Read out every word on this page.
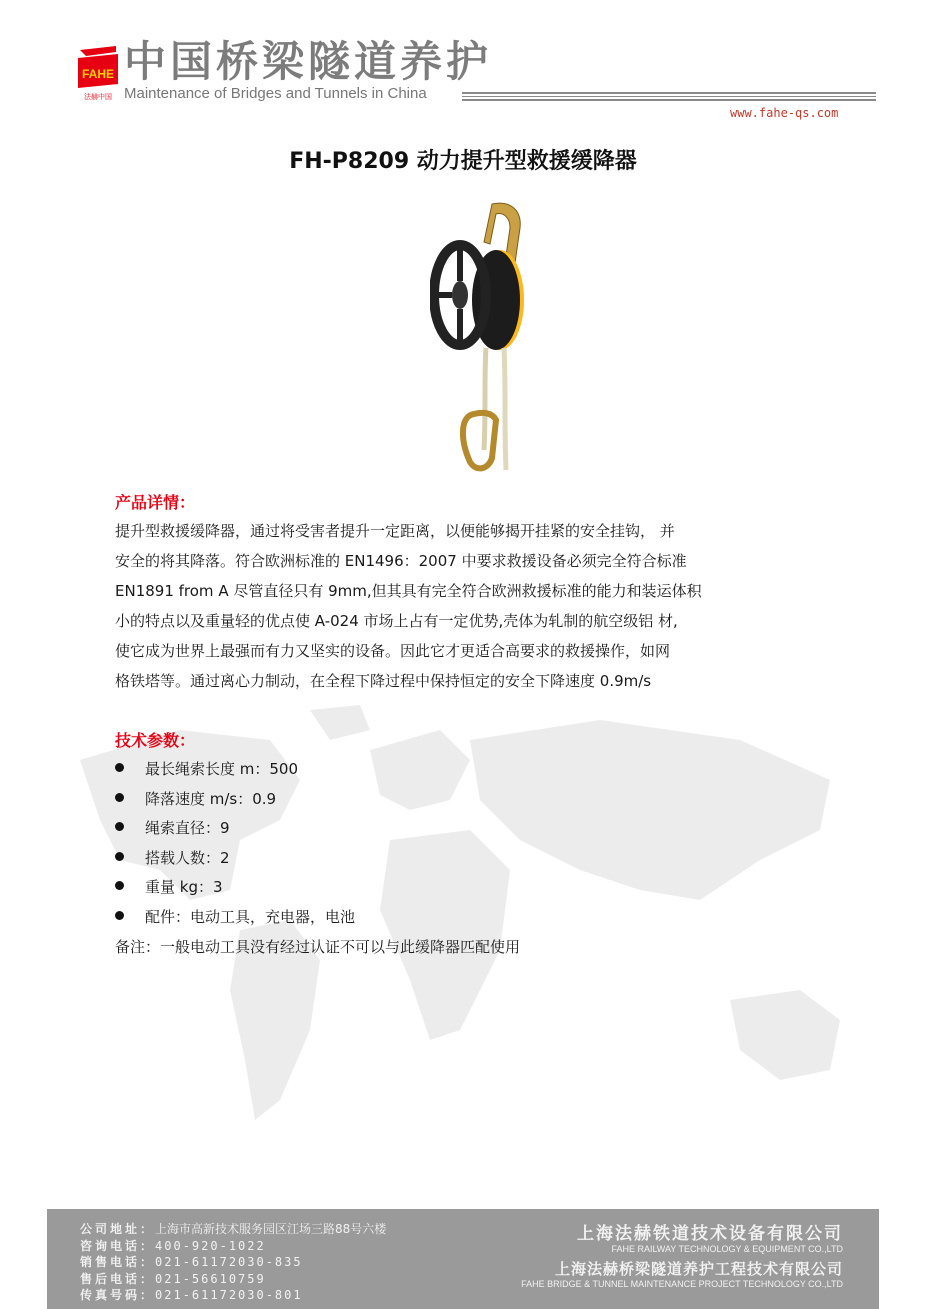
FAHE
法赫中国
中国桥梁隧道养护
Maintenance of Bridges and Tunnels in China
www.fahe-qs.com
FH-P8209 动力提升型救援缓降器
产品详情：
提升型救援缓降器，通过将受害者提升一定距离，以便能够揭开挂紧的安全挂钩， 并
安全的将其降落。符合欧洲标准的 EN1496：2007 中要求救援设备必须完全符合标准
EN1891 from A 尽管直径只有 9mm,但其具有完全符合欧洲救援标准的能力和装运体积
小的特点以及重量轻的优点使 A-024 市场上占有一定优势,壳体为轧制的航空级铝 材,
使它成为世界上最强而有力又坚实的设备。因此它才更适合高要求的救援操作，如网
格铁塔等。通过离心力制动，在全程下降过程中保持恒定的安全下降速度 0.9m/s
技术参数：
最长绳索长度 m：500
降落速度 m/s：0.9
绳索直径：9
搭载人数：2
重量 kg：3
配件：电动工具，充电器，电池
备注：一般电动工具没有经过认证不可以与此缓降器匹配使用
公司地址：上海市高新技术服务园区江场三路88号六楼
咨询电话：400-920-1022
销售电话：021-61172030-835
售后电话：021-56610759
传真号码：021-61172030-801
上海法赫铁道技术设备有限公司
FAHE RAILWAY TECHNOLOGY & EQUIPMENT CO.,LTD
上海法赫桥梁隧道养护工程技术有限公司
FAHE BRIDGE & TUNNEL MAINTENANCE PROJECT TECHNOLOGY CO.,LTD
